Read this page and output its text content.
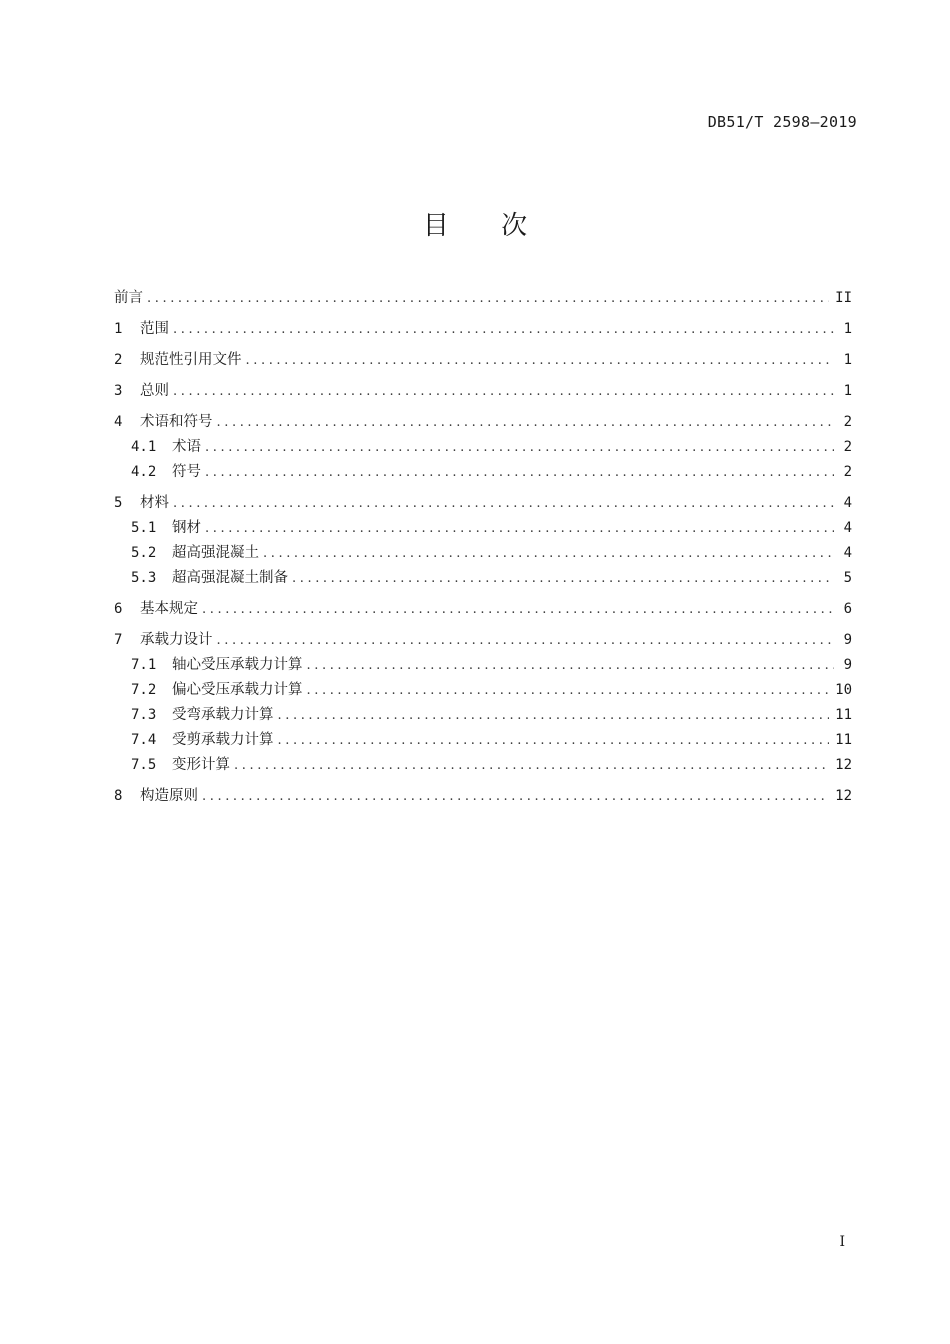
DB51/T 2598—2019
目 次
前言 .....	II
1	范围 .....	1
2	规范性引用文件 .....	1
3	总则 .....	1
4	术语和符号 .....	2
4.1	术语 .....	2
4.2	符号 .....	2
5	材料 .....	4
5.1	钢材 .....	4
5.2	超高强混凝土 .....	4
5.3	超高强混凝土制备 .....	5
6	基本规定 .....	6
7	承载力设计 .....	9
7.1	轴心受压承载力计算 .....	9
7.2	偏心受压承载力计算 .....	10
7.3	受弯承载力计算 .....	11
7.4	受剪承载力计算 .....	11
7.5	变形计算 .....	12
8	构造原则 .....	12
I
